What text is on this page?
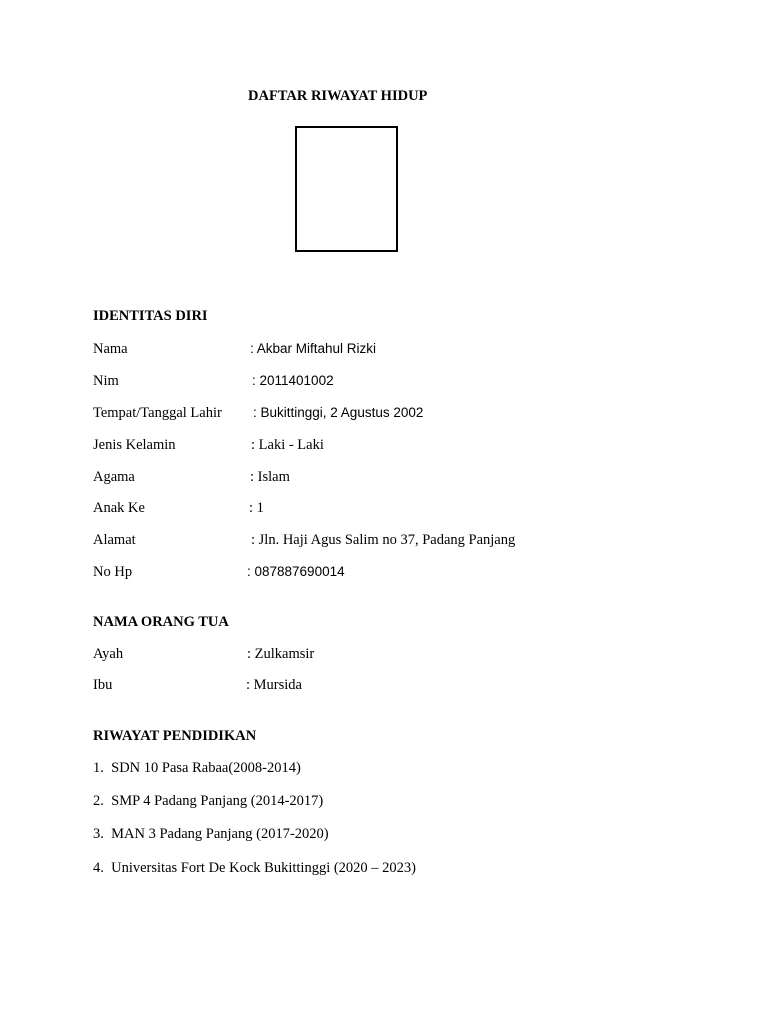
DAFTAR RIWAYAT HIDUP
IDENTITAS DIRI
Nama	: Akbar Miftahul Rizki
Nim	: 2011401002
Tempat/Tanggal Lahir : Bukittinggi, 2 Agustus 2002
Jenis Kelamin	: Laki - Laki
Agama	: Islam
Anak Ke	: 1
Alamat	: Jln. Haji Agus Salim no 37, Padang Panjang
No Hp	: 087887690014
NAMA ORANG TUA
Ayah	: Zulkamsir
Ibu	: Mursida
RIWAYAT PENDIDIKAN
1. SDN 10 Pasa Rabaa(2008-2014)
2. SMP 4 Padang Panjang (2014-2017)
3. MAN 3 Padang Panjang (2017-2020)
4. Universitas Fort De Kock Bukittinggi (2020 – 2023)
